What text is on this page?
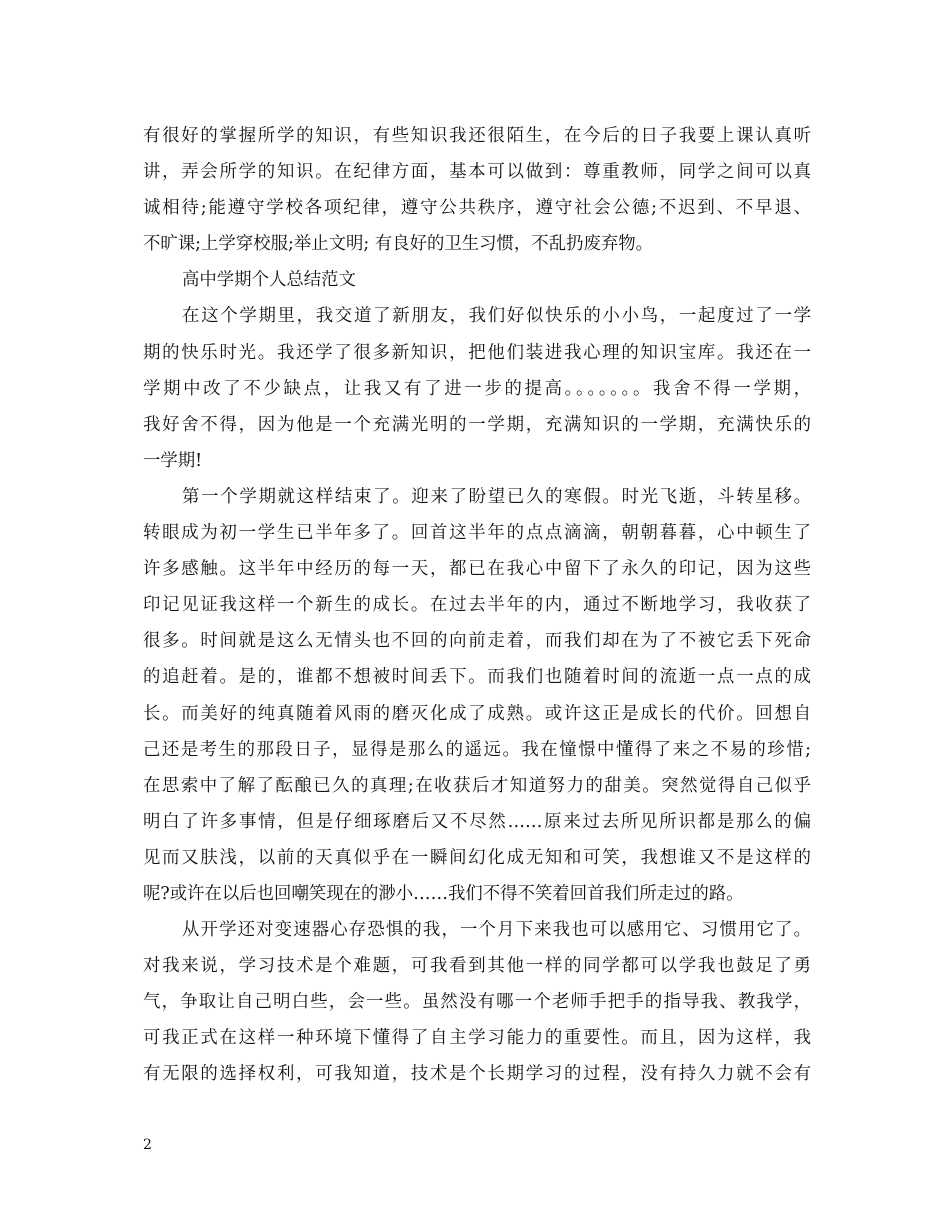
有很好的掌握所学的知识，有些知识我还很陌生，在今后的日子我要上课认真听
讲，弄会所学的知识。在纪律方面，基本可以做到：尊重教师，同学之间可以真
诚相待;能遵守学校各项纪律，遵守公共秩序，遵守社会公德;不迟到、不早退、
不旷课;上学穿校服;举止文明; 有良好的卫生习惯，不乱扔废弃物。
高中学期个人总结范文
在这个学期里，我交道了新朋友，我们好似快乐的小小鸟，一起度过了一学
期的快乐时光。我还学了很多新知识，把他们装进我心理的知识宝库。我还在一
学期中改了不少缺点，让我又有了进一步的提高。。。。。。。我舍不得一学期，
我好舍不得，因为他是一个充满光明的一学期，充满知识的一学期，充满快乐的
一学期!
第一个学期就这样结束了。迎来了盼望已久的寒假。时光飞逝，斗转星移。
转眼成为初一学生已半年多了。回首这半年的点点滴滴，朝朝暮暮，心中顿生了
许多感触。这半年中经历的每一天，都已在我心中留下了永久的印记，因为这些
印记见证我这样一个新生的成长。在过去半年的内，通过不断地学习，我收获了
很多。时间就是这么无情头也不回的向前走着，而我们却在为了不被它丢下死命
的追赶着。是的，谁都不想被时间丢下。而我们也随着时间的流逝一点一点的成
长。而美好的纯真随着风雨的磨灭化成了成熟。或许这正是成长的代价。回想自
己还是考生的那段日子，显得是那么的遥远。我在憧憬中懂得了来之不易的珍惜;
在思索中了解了酝酿已久的真理;在收获后才知道努力的甜美。突然觉得自己似乎
明白了许多事情，但是仔细琢磨后又不尽然……原来过去所见所识都是那么的偏
见而又肤浅，以前的天真似乎在一瞬间幻化成无知和可笑，我想谁又不是这样的
呢?或许在以后也回嘲笑现在的渺小……我们不得不笑着回首我们所走过的路。
从开学还对变速器心存恐惧的我，一个月下来我也可以感用它、习惯用它了。
对我来说，学习技术是个难题，可我看到其他一样的同学都可以学我也鼓足了勇
气，争取让自己明白些，会一些。虽然没有哪一个老师手把手的指导我、教我学，
可我正式在这样一种环境下懂得了自主学习能力的重要性。而且，因为这样，我
有无限的选择权利，可我知道，技术是个长期学习的过程，没有持久力就不会有
2
